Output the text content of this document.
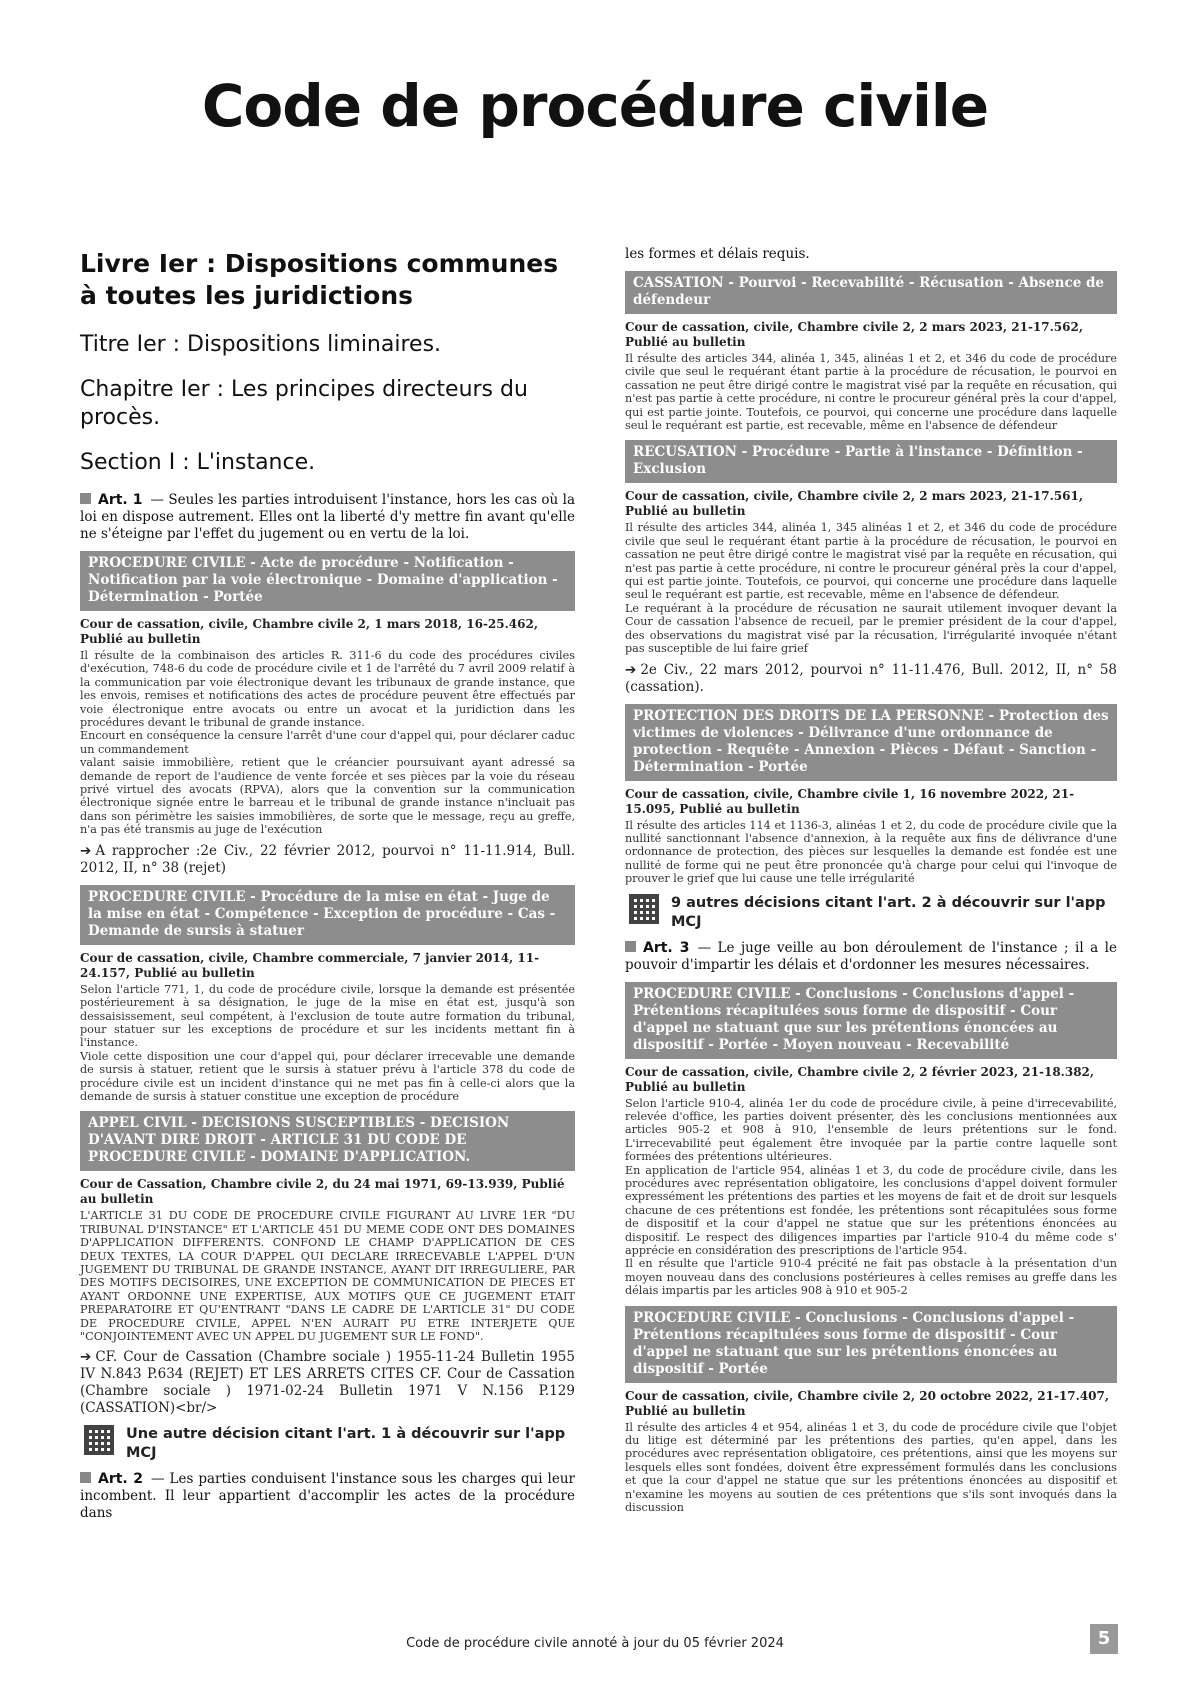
Code de procédure civile
Livre Ier : Dispositions communes à toutes les juridictions
Titre Ier : Dispositions liminaires.
Chapitre Ier : Les principes directeurs du procès.
Section I : L'instance.
Art. 1 — Seules les parties introduisent l'instance, hors les cas où la loi en dispose autrement. Elles ont la liberté d'y mettre fin avant qu'elle ne s'éteigne par l'effet du jugement ou en vertu de la loi.
PROCEDURE CIVILE - Acte de procédure - Notification - Notification par la voie électronique - Domaine d'application - Détermination - Portée
Cour de cassation, civile, Chambre civile 2, 1 mars 2018, 16-25.462, Publié au bulletin

Il résulte de la combinaison des articles R. 311-6 du code des procédures civiles d'exécution, 748-6 du code de procédure civile et 1 de l'arrêté du 7 avril 2009 relatif à la communication par voie électronique devant les tribunaux de grande instance, que les envois, remises et notifications des actes de procédure peuvent être effectués par voie électronique entre avocats ou entre un avocat et la juridiction dans les procédures devant le tribunal de grande instance.

Encourt en conséquence la censure l'arrêt d'une cour d'appel qui, pour déclarer caduc un commandement

valant saisie immobilière, retient que le créancier poursuivant ayant adressé sa demande de report de l'audience de vente forcée et ses pièces par la voie du réseau privé virtuel des avocats (RPVA), alors que la convention sur la communication électronique signée entre le barreau et le tribunal de grande instance n'incluait pas dans son périmètre les saisies immobilières, de sorte que le message, reçu au greffe, n'a pas été transmis au juge de l'exécution

➔ A rapprocher :2e Civ., 22 février 2012, pourvoi n° 11-11.914, Bull. 2012, II, n° 38 (rejet)
PROCEDURE CIVILE - Procédure de la mise en état - Juge de la mise en état - Compétence - Exception de procédure - Cas - Demande de sursis à statuer
Cour de cassation, civile, Chambre commerciale, 7 janvier 2014, 11-24.157, Publié au bulletin

Selon l'article 771, 1, du code de procédure civile, lorsque la demande est présentée postérieurement à sa désignation, le juge de la mise en état est, jusqu'à son dessaisissement, seul compétent, à l'exclusion de toute autre formation du tribunal, pour statuer sur les exceptions de procédure et sur les incidents mettant fin à l'instance.

Viole cette disposition une cour d'appel qui, pour déclarer irrecevable une demande de sursis à statuer, retient que le sursis à statuer prévu à l'article 378 du code de procédure civile est un incident d'instance qui ne met pas fin à celle-ci alors que la demande de sursis à statuer constitue une exception de procédure

APPEL CIVIL - DECISIONS SUSCEPTIBLES - DECISION D'AVANT DIRE DROIT - ARTICLE 31 DU CODE DE PROCEDURE CIVILE - DOMAINE D'APPLICATION.
Cour de Cassation, Chambre civile 2, du 24 mai 1971, 69-13.939, Publié au bulletin

L'ARTICLE 31 DU CODE DE PROCEDURE CIVILE FIGURANT AU LIVRE 1ER "DU TRIBUNAL D'INSTANCE" ET L'ARTICLE 451 DU MEME CODE ONT DES DOMAINES D'APPLICATION DIFFERENTS. CONFOND LE CHAMP D'APPLICATION DE CES DEUX TEXTES, LA COUR D'APPEL QUI DECLARE IRRECEVABLE L'APPEL D'UN JUGEMENT DU TRIBUNAL DE GRANDE INSTANCE, AYANT DIT IRREGULIERE, PAR DES MOTIFS DECISOIRES, UNE EXCEPTION DE COMMUNICATION DE PIECES ET AYANT ORDONNE UNE EXPERTISE, AUX MOTIFS QUE CE JUGEMENT ETAIT PREPARATOIRE ET QU'ENTRANT "DANS LE CADRE DE L'ARTICLE 31" DU CODE DE PROCEDURE CIVILE, APPEL N'EN AURAIT PU ETRE INTERJETE QUE "CONJOINTEMENT AVEC UN APPEL DU JUGEMENT SUR LE FOND".

➔ CF. Cour de Cassation (Chambre sociale ) 1955-11-24 Bulletin 1955 IV N.843 P.634 (REJET) ET LES ARRETS CITES CF. Cour de Cassation (Chambre sociale ) 1971-02-24 Bulletin 1971 V N.156 P.129 (CASSATION)<br/>
Une autre décision citant l'art. 1 à découvrir sur l'app MCJ
Art. 2 — Les parties conduisent l'instance sous les charges qui leur incombent. Il leur appartient d'accomplir les actes de la procédure dans
les formes et délais requis.
CASSATION - Pourvoi - Recevabilité - Récusation - Absence de défendeur
Cour de cassation, civile, Chambre civile 2, 2 mars 2023, 21-17.562, Publié au bulletin

Il résulte des articles 344, alinéa 1, 345, alinéas 1 et 2, et 346 du code de procédure civile que seul le requérant étant partie à la procédure de récusation, le pourvoi en cassation ne peut être dirigé contre le magistrat visé par la requête en récusation, qui n'est pas partie à cette procédure, ni contre le procureur général près la cour d'appel, qui est partie jointe. Toutefois, ce pourvoi, qui concerne une procédure dans laquelle seul le requérant est partie, est recevable, même en l'absence de défendeur

RECUSATION - Procédure - Partie à l'instance - Définition - Exclusion
Cour de cassation, civile, Chambre civile 2, 2 mars 2023, 21-17.561, Publié au bulletin

Il résulte des articles 344, alinéa 1, 345 alinéas 1 et 2, et 346 du code de procédure civile que seul le requérant étant partie à la procédure de récusation, le pourvoi en cassation ne peut être dirigé contre le magistrat visé par la requête en récusation, qui n'est pas partie à cette procédure, ni contre le procureur général près la cour d'appel, qui est partie jointe. Toutefois, ce pourvoi, qui concerne une procédure dans laquelle seul le requérant est partie, est recevable, même en l'absence de défendeur.

Le requérant à la procédure de récusation ne saurait utilement invoquer devant la Cour de cassation l'absence de recueil, par le premier président de la cour d'appel, des observations du magistrat visé par la récusation, l'irrégularité invoquée n'étant pas susceptible de lui faire grief

➔ 2e Civ., 22 mars 2012, pourvoi n° 11-11.476, Bull. 2012, II, n° 58 (cassation).
PROTECTION DES DROITS DE LA PERSONNE - Protection des victimes de violences - Délivrance d'une ordonnance de protection - Requête - Annexion - Pièces - Défaut - Sanction - Détermination - Portée
Cour de cassation, civile, Chambre civile 1, 16 novembre 2022, 21-15.095, Publié au bulletin

Il résulte des articles 114 et 1136-3, alinéas 1 et 2, du code de procédure civile que la nullité sanctionnant l'absence d'annexion, à la requête aux fins de délivrance d'une ordonnance de protection, des pièces sur lesquelles la demande est fondée est une nullité de forme qui ne peut être prononcée qu'à charge pour celui qui l'invoque de prouver le grief que lui cause une telle irrégularité

9 autres décisions citant l'art. 2 à découvrir sur l'app MCJ
Art. 3 — Le juge veille au bon déroulement de l'instance ; il a le pouvoir d'impartir les délais et d'ordonner les mesures nécessaires.
PROCEDURE CIVILE - Conclusions - Conclusions d'appel - Prétentions récapitulées sous forme de dispositif - Cour d'appel ne statuant que sur les prétentions énoncées au dispositif - Portée - Moyen nouveau - Recevabilité
Cour de cassation, civile, Chambre civile 2, 2 février 2023, 21-18.382, Publié au bulletin

Selon l'article 910-4, alinéa 1er du code de procédure civile, à peine d'irrecevabilité, relevée d'office, les parties doivent présenter, dès les conclusions mentionnées aux articles 905-2 et 908 à 910, l'ensemble de leurs prétentions sur le fond. L'irrecevabilité peut également être invoquée par la partie contre laquelle sont formées des prétentions ultérieures.

En application de l'article 954, alinéas 1 et 3, du code de procédure civile, dans les procédures avec représentation obligatoire, les conclusions d'appel doivent formuler expressément les prétentions des parties et les moyens de fait et de droit sur lesquels chacune de ces prétentions est fondée, les prétentions sont récapitulées sous forme de dispositif et la cour d'appel ne statue que sur les prétentions énoncées au dispositif. Le respect des diligences imparties par l'article 910-4 du même code s' apprécie en considération des prescriptions de l'article 954.

Il en résulte que l'article 910-4 précité ne fait pas obstacle à la présentation d'un moyen nouveau dans des conclusions postérieures à celles remises au greffe dans les délais impartis par les articles 908 à 910 et 905-2

PROCEDURE CIVILE - Conclusions - Conclusions d'appel - Prétentions récapitulées sous forme de dispositif - Cour d'appel ne statuant que sur les prétentions énoncées au dispositif - Portée
Cour de cassation, civile, Chambre civile 2, 20 octobre 2022, 21-17.407, Publié au bulletin

Il résulte des articles 4 et 954, alinéas 1 et 3, du code de procédure civile que l'objet du litige est déterminé par les prétentions des parties, qu'en appel, dans les procédures avec représentation obligatoire, ces prétentions, ainsi que les moyens sur lesquels elles sont fondées, doivent être expressément formulés dans les conclusions et que la cour d'appel ne statue que sur les prétentions énoncées au dispositif et n'examine les moyens au soutien de ces prétentions que s'ils sont invoqués dans la discussion

Code de procédure civile annoté à jour du 05 février 2024	5
